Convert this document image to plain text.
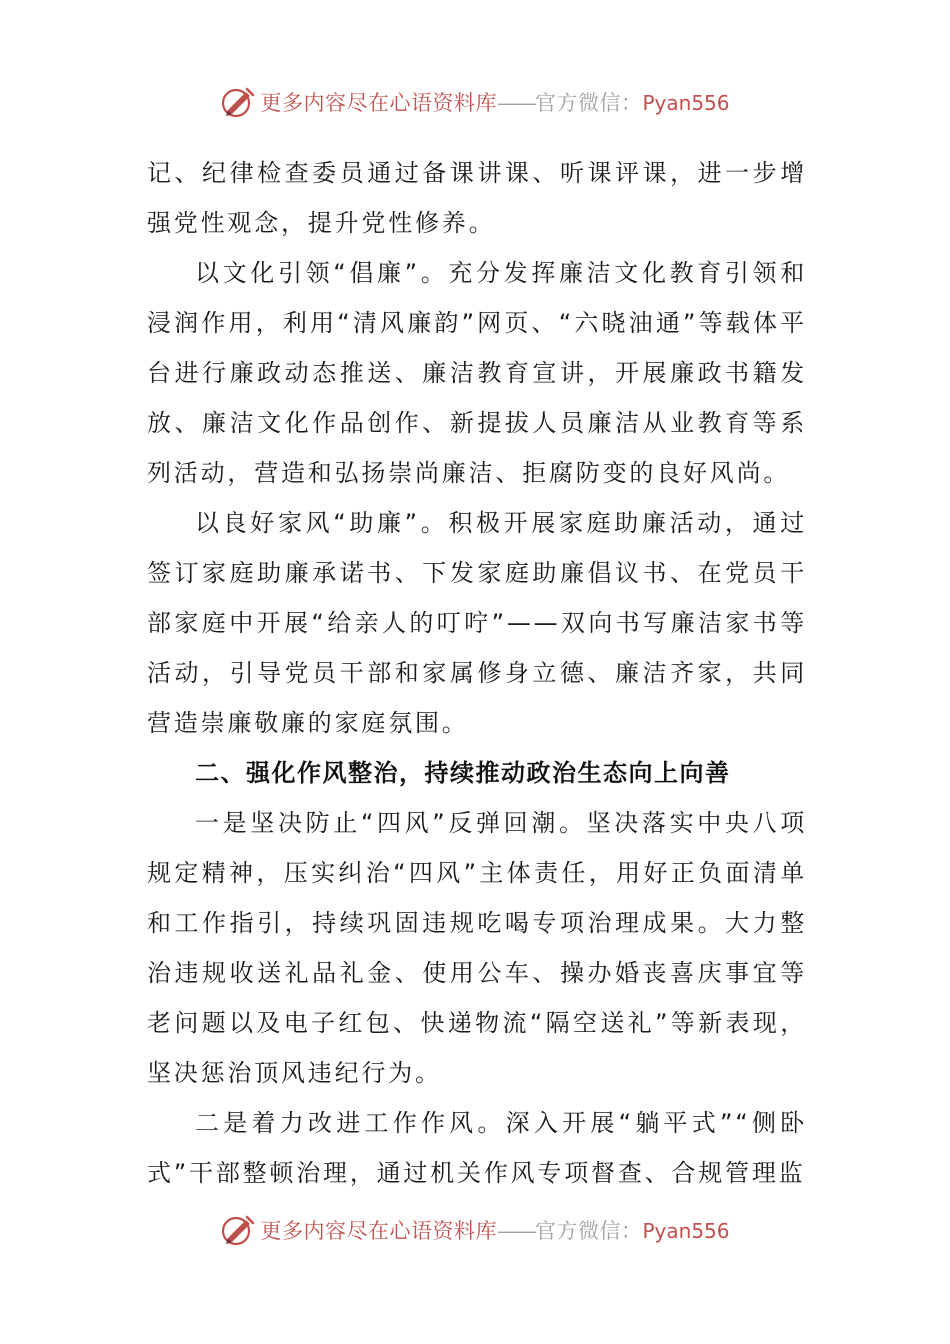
更多内容尽在心语资料库——官方微信：Pyan556

记、纪律检查委员通过备课讲课、听课评课，进一步增强党性观念，提升党性修养。

以文化引领“倡廉”。充分发挥廉洁文化教育引领和浸润作用，利用“清风廉韵”网页、“六晓油通”等载体平台进行廉政动态推送、廉洁教育宣讲，开展廉政书籍发放、廉洁文化作品创作、新提拔人员廉洁从业教育等系列活动，营造和弘扬崇尚廉洁、拒腐防变的良好风尚。

以良好家风“助廉”。积极开展家庭助廉活动，通过签订家庭助廉承诺书、下发家庭助廉倡议书、在党员干部家庭中开展“给亲人的叮咛”——双向书写廉洁家书等活动，引导党员干部和家属修身立德、廉洁齐家，共同营造崇廉敬廉的家庭氛围。

二、强化作风整治，持续推动政治生态向上向善

一是坚决防止“四风”反弹回潮。坚决落实中央八项规定精神，压实纠治“四风”主体责任，用好正负面清单和工作指引，持续巩固违规吃喝专项治理成果。大力整治违规收送礼品礼金、使用公车、操办婚丧喜庆事宜等老问题以及电子红包、快递物流“隔空送礼”等新表现，坚决惩治顶风违纪行为。

二是着力改进工作作风。深入开展“躺平式”“侧卧式”干部整顿治理，通过机关作风专项督查、合规管理监

更多内容尽在心语资料库——官方微信：Pyan556
